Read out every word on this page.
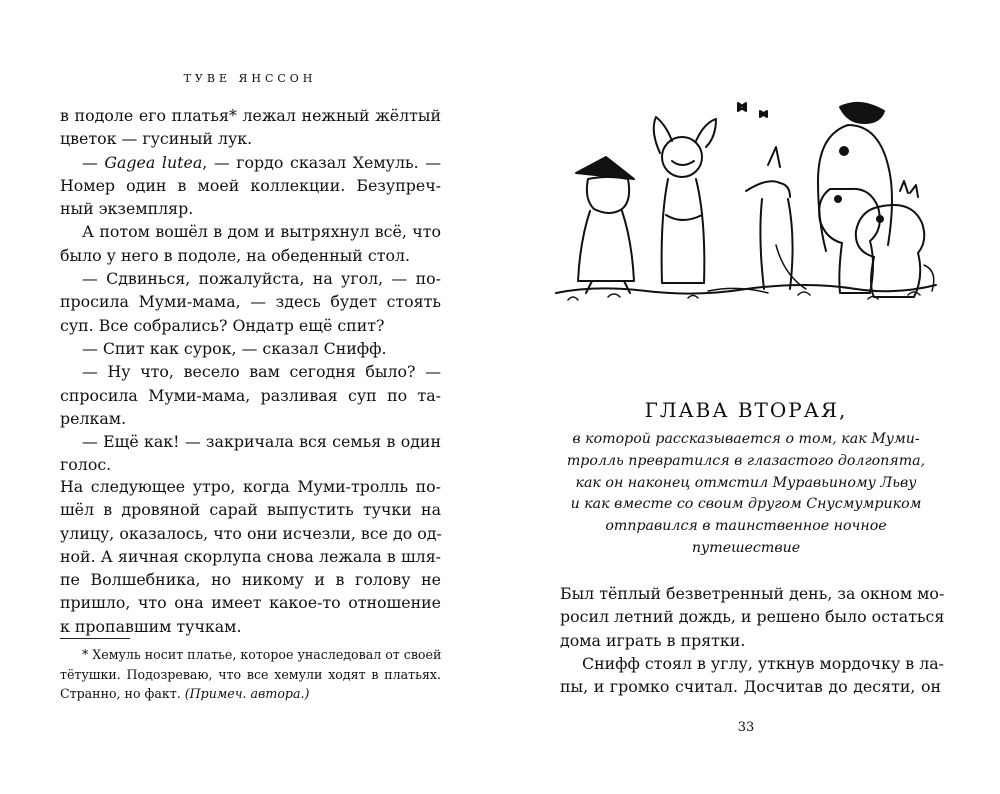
ТУВЕ ЯНССОН
в подоле его платья* лежал нежный жёлтый
цветок — гусиный лук.
— Gagea lutea, — гордо сказал Хемуль. —
Номер один в моей коллекции. Безупреч-
ный экземпляр.
А потом вошёл в дом и вытряхнул всё, что
было у него в подоле, на обеденный стол.
— Сдвинься, пожалуйста, на угол, — по-
просила Муми-мама, — здесь будет стоять
суп. Все собрались? Ондатр ещё спит?
— Спит как сурок, — сказал Снифф.
— Ну что, весело вам сегодня было? —
спросила Муми-мама, разливая суп по та-
релкам.
— Ещё как! — закричала вся семья в один
голос.
На следующее утро, когда Муми-тролль по-
шёл в дровяной сарай выпустить тучки на
улицу, оказалось, что они исчезли, все до од-
ной. А яичная скорлупа снова лежала в шля-
пе Волшебника, но никому и в голову не
пришло, что она имеет какое-то отношение
к пропавшим тучкам.
* Хемуль носит платье, которое унаследовал от своей
тётушки. Подозреваю, что все хемули ходят в платьях.
Странно, но факт. (Примеч. автора.)
ГЛАВА ВТОРАЯ,
в которой рассказывается о том, как Муми-
тролль превратился в глазастого долгопята,
как он наконец отмстил Муравьиному Льву
и как вместе со своим другом Снусмумриком
отправился в таинственное ночное
путешествие
Был тёплый безветренный день, за окном мо-
росил летний дождь, и решено было остаться
дома играть в прятки.
Снифф стоял в углу, уткнув мордочку в ла-
пы, и громко считал. Досчитав до десяти, он
33
